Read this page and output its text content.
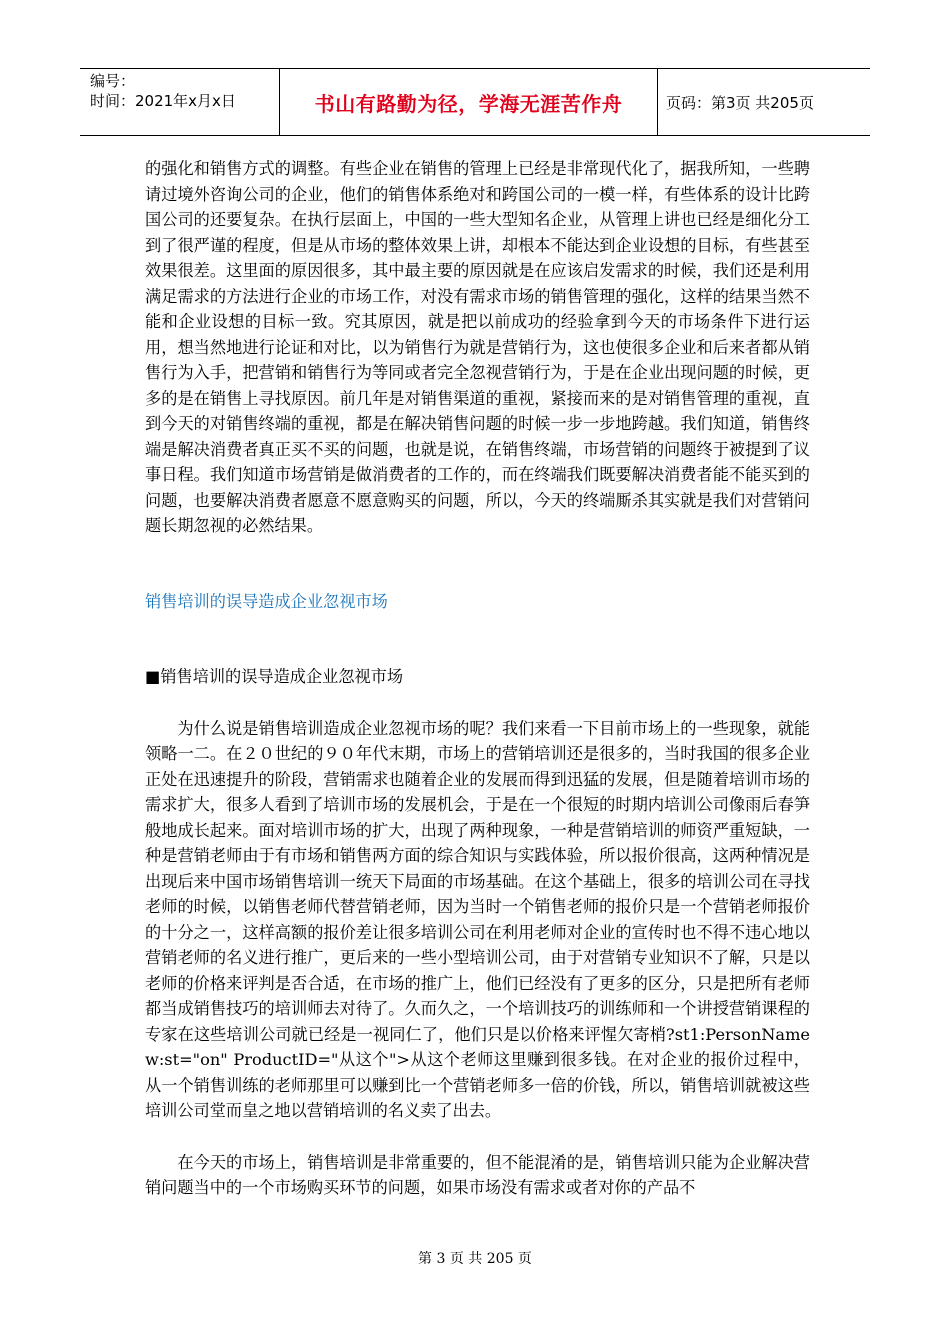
编号：
时间：2021年x月x日	书山有路勤为径，学海无涯苦作舟	页码：第3页 共205页

的强化和销售方式的调整。有些企业在销售的管理上已经是非常现代化了，据我所知，一些聘请过境外咨询公司的企业，他们的销售体系绝对和跨国公司的一模一样，有些体系的设计比跨国公司的还要复杂。在执行层面上，中国的一些大型知名企业，从管理上讲也已经是细化分工到了很严谨的程度，但是从市场的整体效果上讲，却根本不能达到企业设想的目标，有些甚至效果很差。这里面的原因很多，其中最主要的原因就是在应该启发需求的时候，我们还是利用满足需求的方法进行企业的市场工作，对没有需求市场的销售管理的强化，这样的结果当然不能和企业设想的目标一致。究其原因，就是把以前成功的经验拿到今天的市场条件下进行运用，想当然地进行论证和对比，以为销售行为就是营销行为，这也使很多企业和后来者都从销售行为入手，把营销和销售行为等同或者完全忽视营销行为，于是在企业出现问题的时候，更多的是在销售上寻找原因。前几年是对销售渠道的重视，紧接而来的是对销售管理的重视，直到今天的对销售终端的重视，都是在解决销售问题的时候一步一步地跨越。我们知道，销售终端是解决消费者真正买不买的问题，也就是说，在销售终端，市场营销的问题终于被提到了议事日程。我们知道市场营销是做消费者的工作的，而在终端我们既要解决消费者能不能买到的问题，也要解决消费者愿意不愿意购买的问题，所以，今天的终端厮杀其实就是我们对营销问题长期忽视的必然结果。

销售培训的误导造成企业忽视市场

■销售培训的误导造成企业忽视市场

为什么说是销售培训造成企业忽视市场的呢？我们来看一下目前市场上的一些现象，就能领略一二。在２０世纪的９０年代末期，市场上的营销培训还是很多的，当时我国的很多企业正处在迅速提升的阶段，营销需求也随着企业的发展而得到迅猛的发展，但是随着培训市场的需求扩大，很多人看到了培训市场的发展机会，于是在一个很短的时期内培训公司像雨后春笋般地成长起来。面对培训市场的扩大，出现了两种现象，一种是营销培训的师资严重短缺，一种是营销老师由于有市场和销售两方面的综合知识与实践体验，所以报价很高，这两种情况是出现后来中国市场销售培训一统天下局面的市场基础。在这个基础上，很多的培训公司在寻找老师的时候，以销售老师代替营销老师，因为当时一个销售老师的报价只是一个营销老师报价的十分之一，这样高额的报价差让很多培训公司在利用老师对企业的宣传时也不得不违心地以营销老师的名义进行推广，更后来的一些小型培训公司，由于对营销专业知识不了解，只是以老师的价格来评判是否合适，在市场的推广上，他们已经没有了更多的区分，只是把所有老师都当成销售技巧的培训师去对待了。久而久之，一个培训技巧的训练师和一个讲授营销课程的专家在这些培训公司就已经是一视同仁了，他们只是以价格来评惺欠寄梢?st1:PersonName w:st="on" ProductID="从这个">从这个老师这里赚到很多钱。在对企业的报价过程中，从一个销售训练的老师那里可以赚到比一个营销老师多一倍的价钱，所以，销售培训就被这些培训公司堂而皇之地以营销培训的名义卖了出去。

在今天的市场上，销售培训是非常重要的，但不能混淆的是，销售培训只能为企业解决营销问题当中的一个市场购买环节的问题，如果市场没有需求或者对你的产品不

第 3 页 共 205 页
